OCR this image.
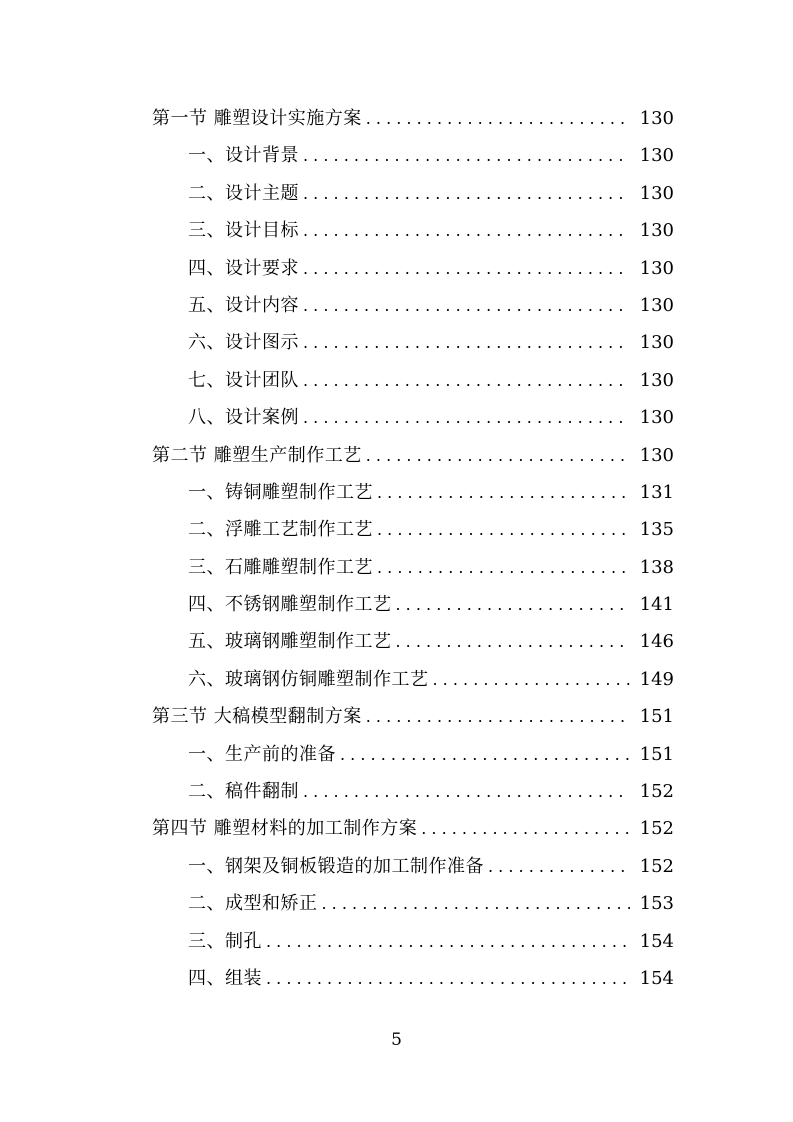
第一节 雕塑设计实施方案 . . .	130
一、设计背景 . . .	130
二、设计主题 . . .	130
三、设计目标 . . .	130
四、设计要求 . . .	130
五、设计内容 . . .	130
六、设计图示 . . .	130
七、设计团队 . . .	130
八、设计案例 . . .	130
第二节 雕塑生产制作工艺 . . .	130
一、铸铜雕塑制作工艺 . . .	131
二、浮雕工艺制作工艺 . . .	135
三、石雕雕塑制作工艺 . . .	138
四、不锈钢雕塑制作工艺 . . .	141
五、玻璃钢雕塑制作工艺 . . .	146
六、玻璃钢仿铜雕塑制作工艺 . . .	149
第三节 大稿模型翻制方案 . . .	151
一、生产前的准备 . . .	151
二、稿件翻制 . . .	152
第四节 雕塑材料的加工制作方案 . . .	152
一、钢架及铜板锻造的加工制作准备 . . .	152
二、成型和矫正 . . .	153
三、制孔 . . .	154
四、组装 . . .	154
5
